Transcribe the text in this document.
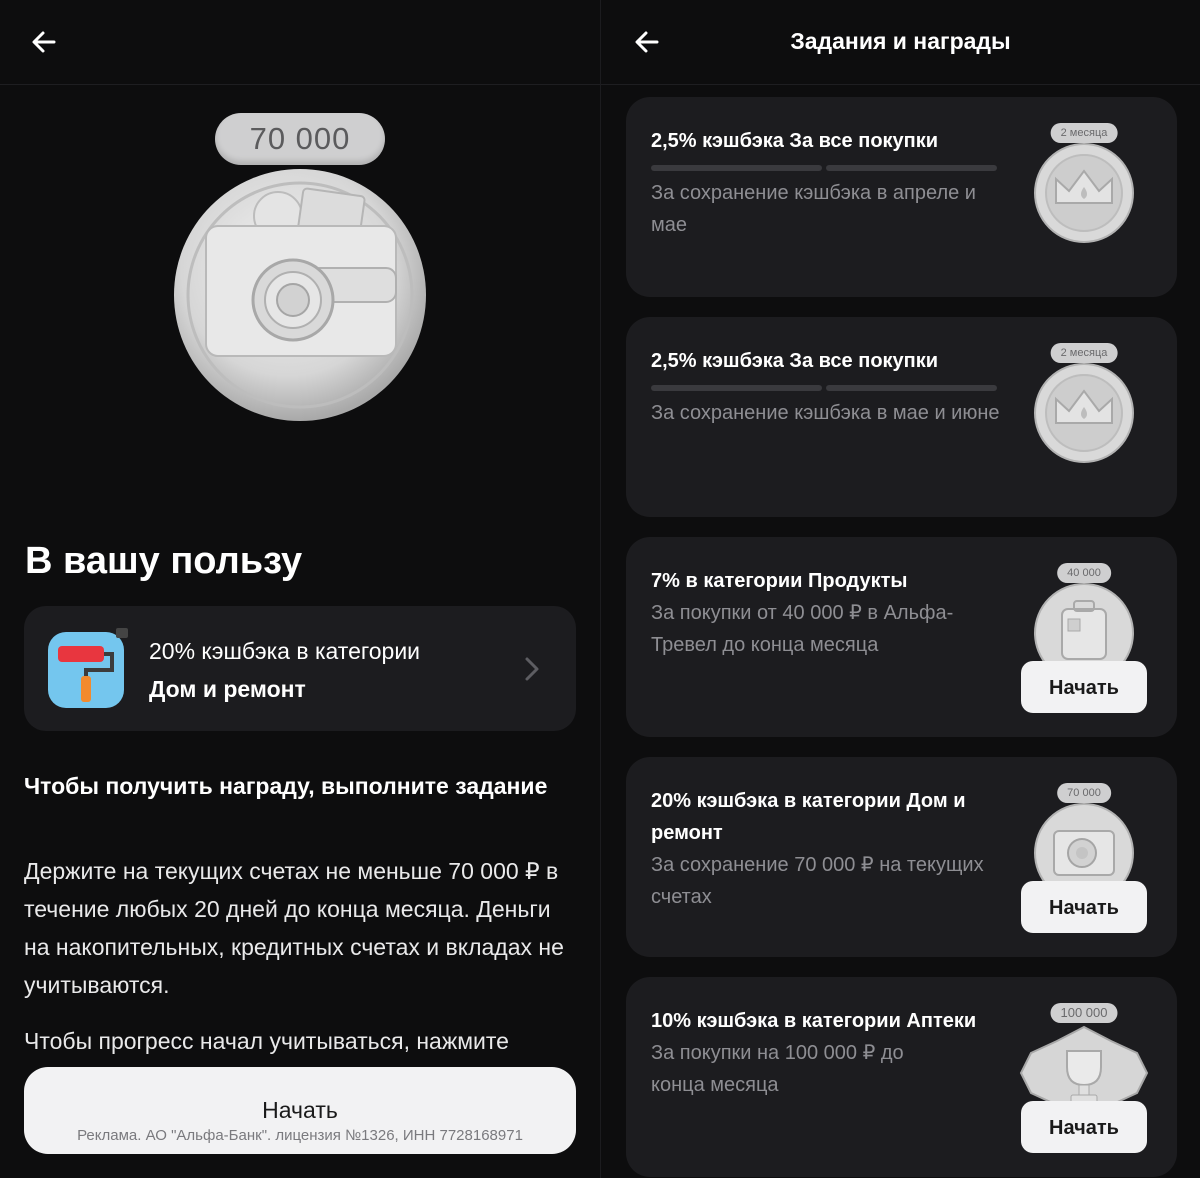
70 000
В вашу пользу
20% кэшбэка в категории
Дом и ремонт
Чтобы получить награду, выполните задание
Держите на текущих счетах не меньше 70 000 ₽ в течение любых 20 дней до конца месяца. Деньги на накопительных, кредитных счетах и вкладах не учитываются.
Чтобы прогресс начал учитываться, нажмите
Начать
Реклама. АО "Альфа-Банк". лицензия №1326, ИНН 7728168971
Задания и награды
2,5% кэшбэка За все покупки
За сохранение кэшбэка в апреле и мае
2 месяца
2,5% кэшбэка За все покупки
За сохранение кэшбэка в мае и июне
2 месяца
7% в категории Продукты
За покупки от 40 000 ₽ в Альфа-Тревел до конца месяца
40 000
Начать
20% кэшбэка в категории Дом и ремонт
За сохранение 70 000 ₽ на текущих счетах
70 000
Начать
10% кэшбэка в категории Аптеки
За покупки на 100 000 ₽ до конца месяца
100 000
Начать
